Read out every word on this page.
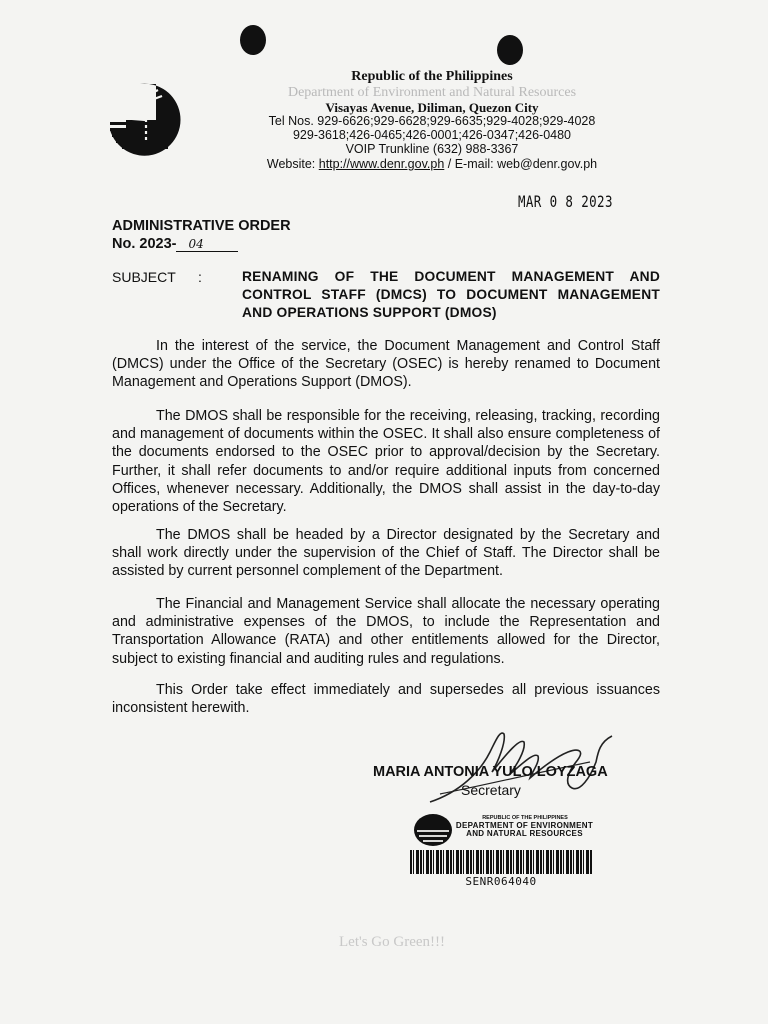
Republic of the Philippines
Department of Environment and Natural Resources
Visayas Avenue, Diliman, Quezon City
Tel Nos. 929-6626;929-6628;929-6635;929-4028;929-4028
929-3618;426-0465;426-0001;426-0347;426-0480
VOIP Trunkline (632) 988-3367
Website: http://www.denr.gov.ph / E-mail: web@denr.gov.ph
MAR 0 8 2023
ADMINISTRATIVE ORDER
No. 2023- 04
SUBJECT :	RENAMING OF THE DOCUMENT MANAGEMENT AND CONTROL STAFF (DMCS) TO DOCUMENT MANAGEMENT AND OPERATIONS SUPPORT (DMOS)
In the interest of the service, the Document Management and Control Staff (DMCS) under the Office of the Secretary (OSEC) is hereby renamed to Document Management and Operations Support (DMOS).
The DMOS shall be responsible for the receiving, releasing, tracking, recording and management of documents within the OSEC. It shall also ensure completeness of the documents endorsed to the OSEC prior to approval/decision by the Secretary. Further, it shall refer documents to and/or require additional inputs from concerned Offices, whenever necessary. Additionally, the DMOS shall assist in the day-to-day operations of the Secretary.
The DMOS shall be headed by a Director designated by the Secretary and shall work directly under the supervision of the Chief of Staff. The Director shall be assisted by current personnel complement of the Department.
The Financial and Management Service shall allocate the necessary operating and administrative expenses of the DMOS, to include the Representation and Transportation Allowance (RATA) and other entitlements allowed for the Director, subject to existing financial and auditing rules and regulations.
This Order take effect immediately and supersedes all previous issuances inconsistent herewith.
MARIA ANTONIA YULO LOYZAGA
Secretary
REPUBLIC OF THE PHILIPPINES
DEPARTMENT OF ENVIRONMENT
AND NATURAL RESOURCES
SENR064040
Let's Go Green!!!
